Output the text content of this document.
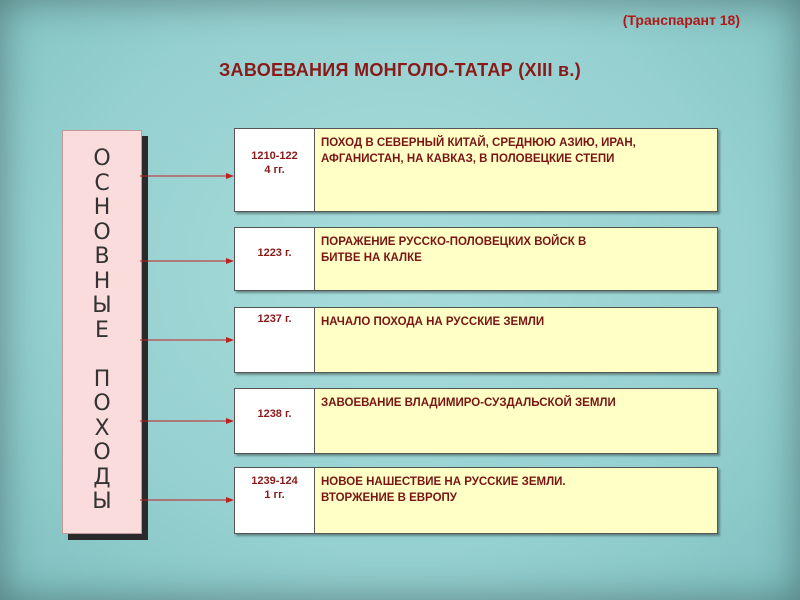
(Транспарант 18)
ЗАВОЕВАНИЯ МОНГОЛО-ТАТАР (XIII в.)
О
С
Н
О
В
Н
Ы
Е

П
О
Х
О
Д
Ы
1210-122
4 гг.
ПОХОД В СЕВЕРНЫЙ КИТАЙ, СРЕДНЮЮ АЗИЮ, ИРАН,
АФГАНИСТАН, НА КАВКАЗ, В ПОЛОВЕЦКИЕ СТЕПИ
1223 г.
ПОРАЖЕНИЕ РУССКО-ПОЛОВЕЦКИХ ВОЙСК В
БИТВЕ НА КАЛКЕ
1237 г.	НАЧАЛО ПОХОДА НА РУССКИЕ ЗЕМЛИ
1238 г.
ЗАВОЕВАНИЕ ВЛАДИМИРО-СУЗДАЛЬСКОЙ ЗЕМЛИ
1239-124
1 гг.
НОВОЕ НАШЕСТВИЕ НА РУССКИЕ ЗЕМЛИ.
ВТОРЖЕНИЕ В ЕВРОПУ
